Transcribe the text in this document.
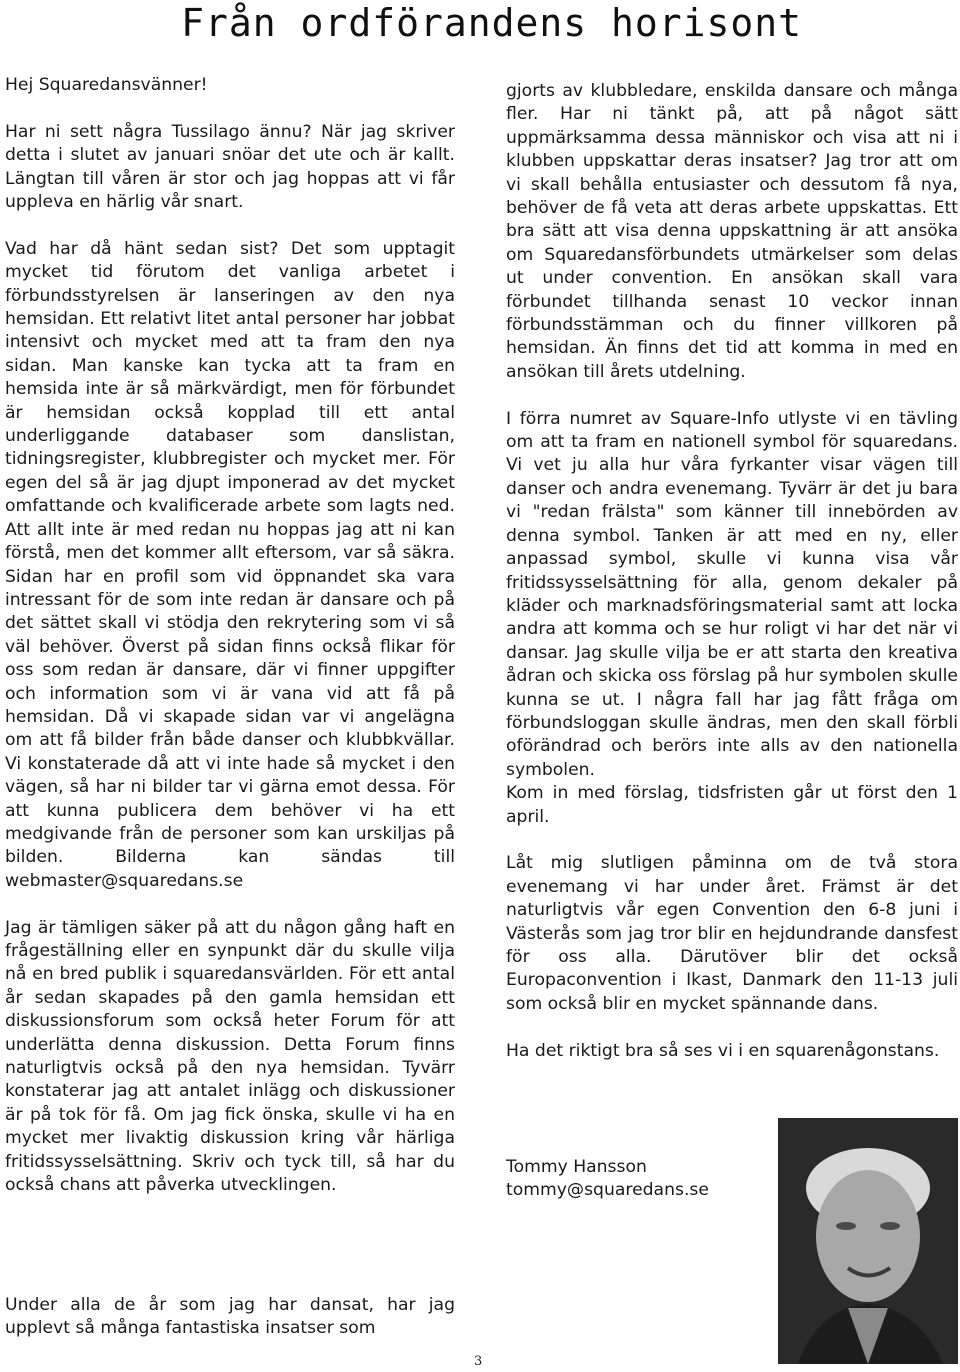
Från ordförandens horisont

Hej Squaredansvänner!

Har ni sett några Tussilago ännu? När jag skriver detta i slutet av januari snöar det ute och är kallt. Längtan till våren är stor och jag hoppas att vi får uppleva en härlig vår snart.

Vad har då hänt sedan sist? Det som upptagit mycket tid förutom det vanliga arbetet i förbundsstyrelsen är lanseringen av den nya hemsidan. Ett relativt litet antal personer har jobbat intensivt och mycket med att ta fram den nya sidan. Man kanske kan tycka att ta fram en hemsida inte är så märkvärdigt, men för förbundet är hemsidan också kopplad till ett antal underliggande databaser som danslistan, tidningsregister, klubbregister och mycket mer. För egen del så är jag djupt imponerad av det mycket omfattande och kvalificerade arbete som lagts ned. Att allt inte är med redan nu hoppas jag att ni kan förstå, men det kommer allt eftersom, var så säkra. Sidan har en profil som vid öppnandet ska vara intressant för de som inte redan är dansare och på det sättet skall vi stödja den rekrytering som vi så väl behöver. Överst på sidan finns också flikar för oss som redan är dansare, där vi finner uppgifter och information som vi är vana vid att få på hemsidan. Då vi skapade sidan var vi angelägna om att få bilder från både danser och klubbkvällar. Vi konstaterade då att vi inte hade så mycket i den vägen, så har ni bilder tar vi gärna emot dessa. För att kunna publicera dem behöver vi ha ett medgivande från de personer som kan urskiljas på bilden. Bilderna kan sändas till webmaster@squaredans.se

Jag är tämligen säker på att du någon gång haft en frågeställning eller en synpunkt där du skulle vilja nå en bred publik i squaredansvärlden. För ett antal år sedan skapades på den gamla hemsidan ett diskussionsforum som också heter Forum för att underlätta denna diskussion. Detta Forum finns naturligtvis också på den nya hemsidan. Tyvärr konstaterar jag att antalet inlägg och diskussioner är på tok för få. Om jag fick önska, skulle vi ha en mycket mer livaktig diskussion kring vår härliga fritidssysselsättning. Skriv och tyck till, så har du också chans att påverka utvecklingen.

Under alla de år som jag har dansat, har jag upplevt så många fantastiska insatser som

gjorts av klubbledare, enskilda dansare och många fler. Har ni tänkt på, att på något sätt uppmärksamma dessa människor och visa att ni i klubben uppskattar deras insatser? Jag tror att om vi skall behålla entusiaster och dessutom få nya, behöver de få veta att deras arbete uppskattas. Ett bra sätt att visa denna uppskattning är att ansöka om Squaredansförbundets utmärkelser som delas ut under convention. En ansökan skall vara förbundet tillhanda senast 10 veckor innan förbundsstämman och du finner villkoren på hemsidan. Än finns det tid att komma in med en ansökan till årets utdelning.

I förra numret av Square-Info utlyste vi en tävling om att ta fram en nationell symbol för squaredans. Vi vet ju alla hur våra fyrkanter visar vägen till danser och andra evenemang. Tyvärr är det ju bara vi "redan frälsta" som känner till innebörden av denna symbol. Tanken är att med en ny, eller anpassad symbol, skulle vi kunna visa vår fritidssysselsättning för alla, genom dekaler på kläder och marknadsföringsmaterial samt att locka andra att komma och se hur roligt vi har det när vi dansar. Jag skulle vilja be er att starta den kreativa ådran och skicka oss förslag på hur symbolen skulle kunna se ut. I några fall har jag fått fråga om förbundsloggan skulle ändras, men den skall förbli oförändrad och berörs inte alls av den nationella symbolen.

Kom in med förslag, tidsfristen går ut först den 1 april.

Låt mig slutligen påminna om de två stora evenemang vi har under året. Främst är det naturligtvis vår egen Convention den 6-8 juni i Västerås som jag tror blir en hejdundrande dansfest för oss alla. Därutöver blir det också Europaconvention i Ikast, Danmark den 11-13 juli som också blir en mycket spännande dans.

Ha det riktigt bra så ses vi i en squarenågonstans.

Tommy Hansson
tommy@squaredans.se
3
